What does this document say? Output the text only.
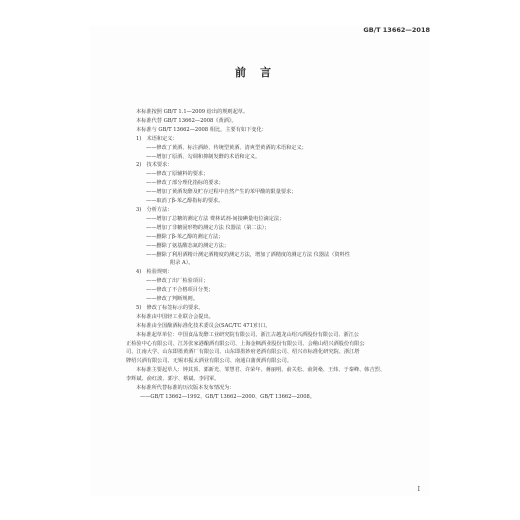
GB/T 13662—2018
前言
本标准按照 GB/T 1.1—2009 给出的规则起草。
本标准代替 GB/T 13662—2008《黄酒》。
本标准与 GB/T 13662—2008 相比，主要有如下变化：
1)　术语和定义：
——修改了黄酒、标注酒龄、传统型黄酒、清爽型黄酒的术语和定义；
——增加了原酒、勾调和抑制发酵的术语和定义。
2)　技术要求：
——修改了原辅料的要求；
——修改了部分理化指标的要求；
——增加了黄酒发酵及贮存过程中自然产生的苯甲酸的限量要求；
——取消了β-苯乙醇指标的要求。
3)　分析方法：
——增加了总糖的测定方法 费林试剂-间接碘量电位滴定法；
——增加了非糖固形物的测定方法 仪器法（第二法）；
——删除了β-苯乙醇的测定方法；
——删除了氨基酸态氮的测定方法；
——删除了利用酒精计测定酒精度的测定方法，增加了酒精度的测定方法 仪器法（资料性
附录 A）。
4)　检验规则：
——修改了出厂检验项目；
——修改了不合格项目分类；
——修改了判断规则。
5)　修改了标签标示的要求。
本标准由中国轻工业联合会提出。
本标准由全国酿酒标准化技术委员会(SAC/TC 471)归口。
本标准起草单位：中国食品发酵工业研究院有限公司、浙江古越龙山绍兴酒股份有限公司、浙江公
正检验中心有限公司、江苏张家港酿酒有限公司、上海金枫酒业股份有限公司、会稽山绍兴酒股份有限公
司、江南大学、山东即墨黄酒厂有限公司、山东即墨妙府老酒有限公司、绍兴市标准化研究院、浙江塔
牌绍兴酒有限公司、无锡市振太酒业有限公司、南通白蒲黄酒有限公司。
本标准主要起草人：钟其顶、郭新光、邹慧君、许荣年、蒋丽明、俞关松、俞剑桑、王炜、于秦峰、韩吉烈、
李辉斌、俞红波、郭宇、蔡斌、李同軍。
本标准所代替标准的历次版本发布情况为：
——GB/T 13662—1992、GB/T 13662—2000、GB/T 13662—2008。
I
